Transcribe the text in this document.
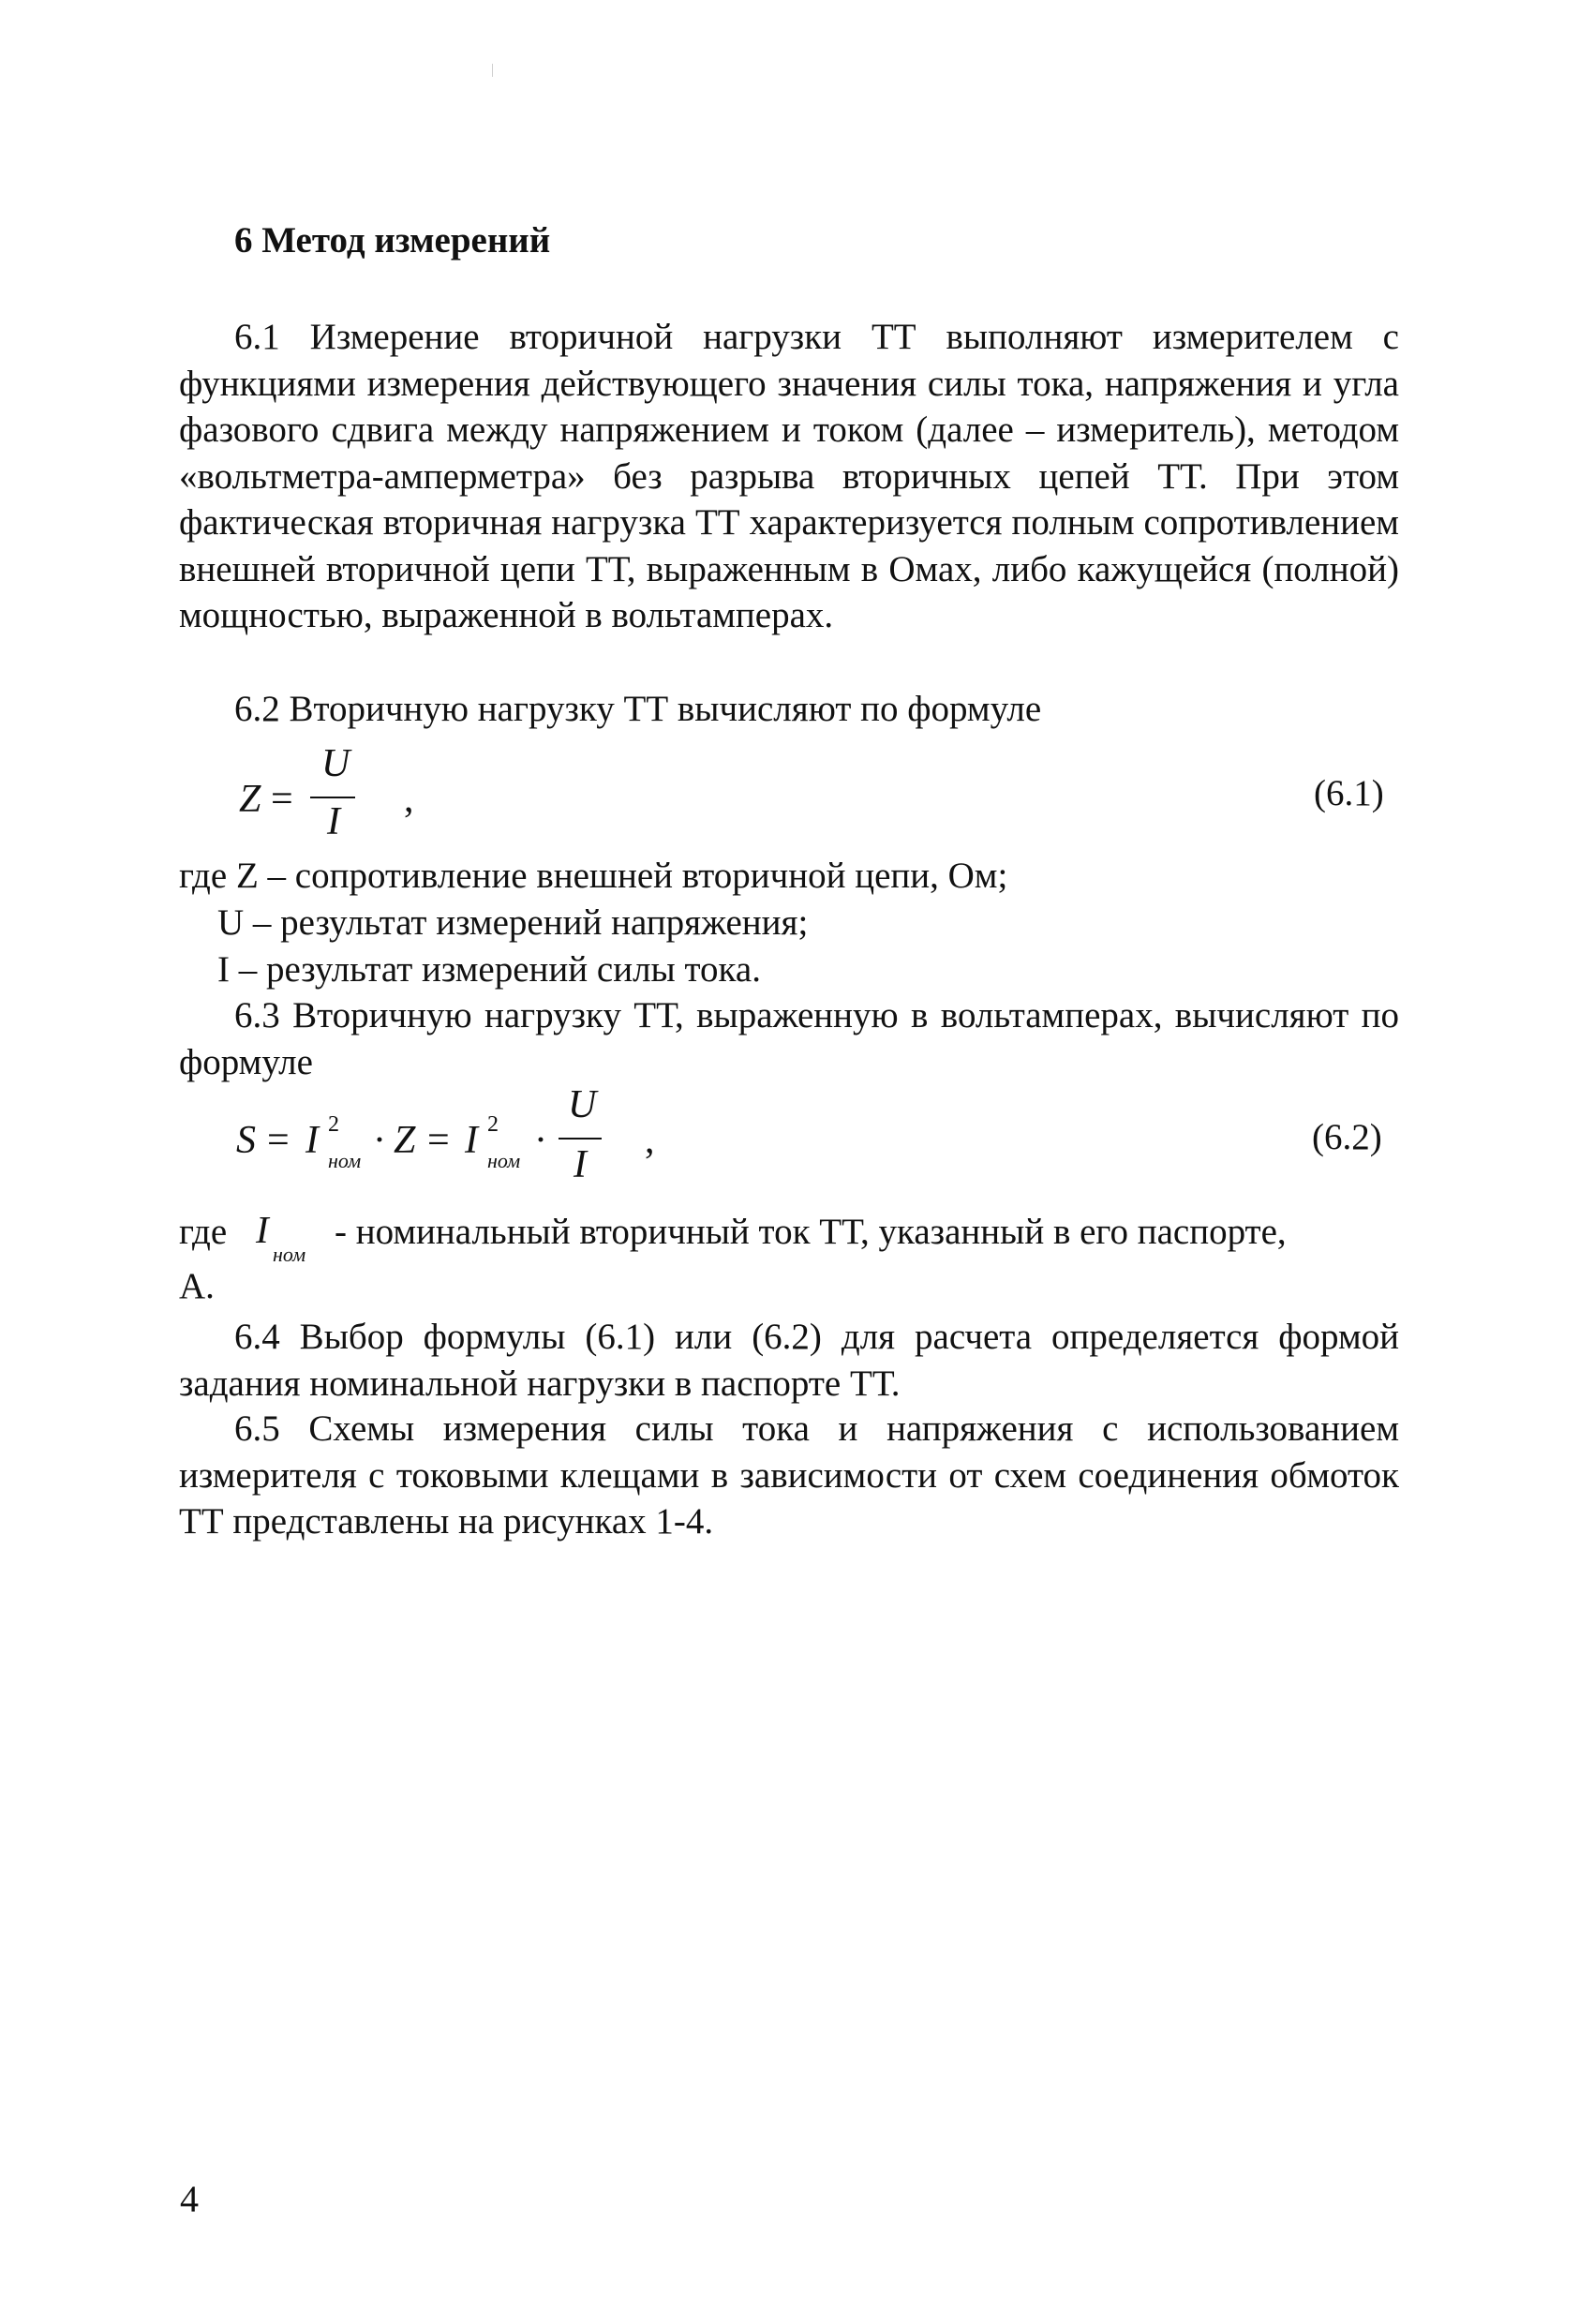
6 Метод измерений
6.1 Измерение вторичной нагрузки ТТ выполняют измерителем с функциями измерения действующего значения силы тока, напряжения и угла фазового сдвига между напряжением и током (далее – измеритель), методом «вольтметра-амперметра» без разрыва вторичных цепей ТТ. При этом фактическая вторичная нагрузка ТТ характеризуется полным сопротивлением внешней вторичной цепи ТТ, выраженным в Омах, либо кажущейся (полной) мощностью, выраженной в вольтамперах.
6.2 Вторичную нагрузку ТТ вычисляют по формуле
Z =
U
I
,	(6.1)
где Z – сопротивление внешней вторичной цепи, Ом;
U – результат измерений напряжения;
I – результат измерений силы тока.
6.3 Вторичную нагрузку ТТ, выраженную в вольтамперах, вычисляют по формуле
S = I 2
ном · Z = I 2
ном ·
U
I
,	(6.2)
где I
ном
- номинальный вторичный ток ТТ, указанный в его паспорте,
А.
6.4 Выбор формулы (6.1) или (6.2) для расчета определяется формой задания номинальной нагрузки в паспорте ТТ.
6.5 Схемы измерения силы тока и напряжения с использованием измерителя с токовыми клещами в зависимости от схем соединения обмоток ТТ представлены на рисунках 1-4.
4
